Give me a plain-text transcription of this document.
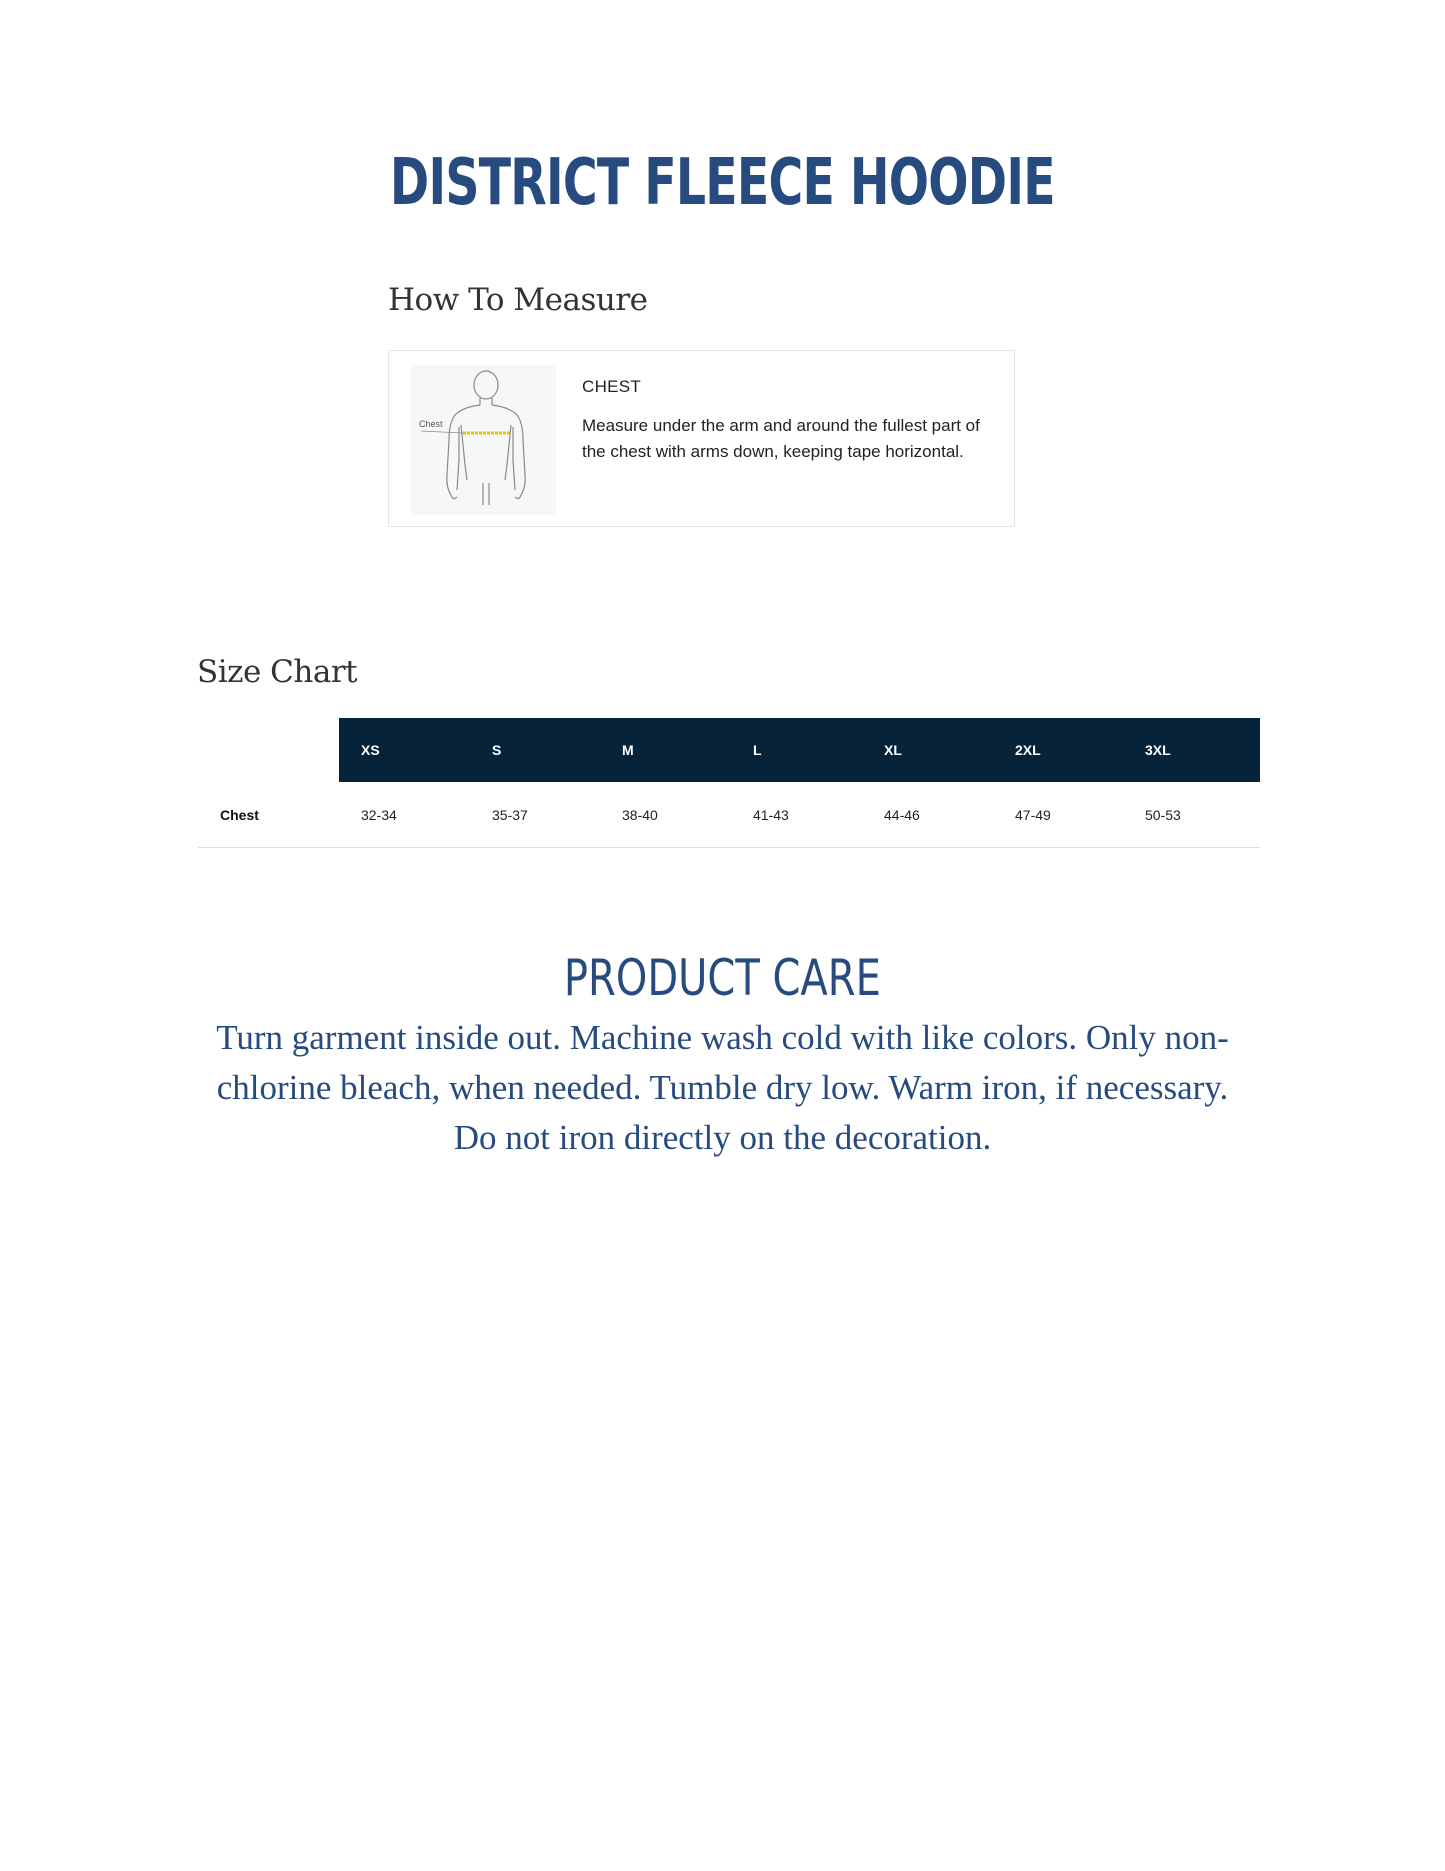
DISTRICT FLEECE HOODIE
How To Measure
Chest
CHEST

Measure under the arm and around the fullest part of the chest with arms down, keeping tape horizontal.

Size Chart
	XS	S	M	L	XL	2XL	3XL
Chest	32-34	35-37	38-40	41-43	44-46	47-49	50-53
PRODUCT CARE

Turn garment inside out. Machine wash cold with like colors. Only non-chlorine bleach, when needed. Tumble dry low. Warm iron, if necessary. Do not iron directly on the decoration.
